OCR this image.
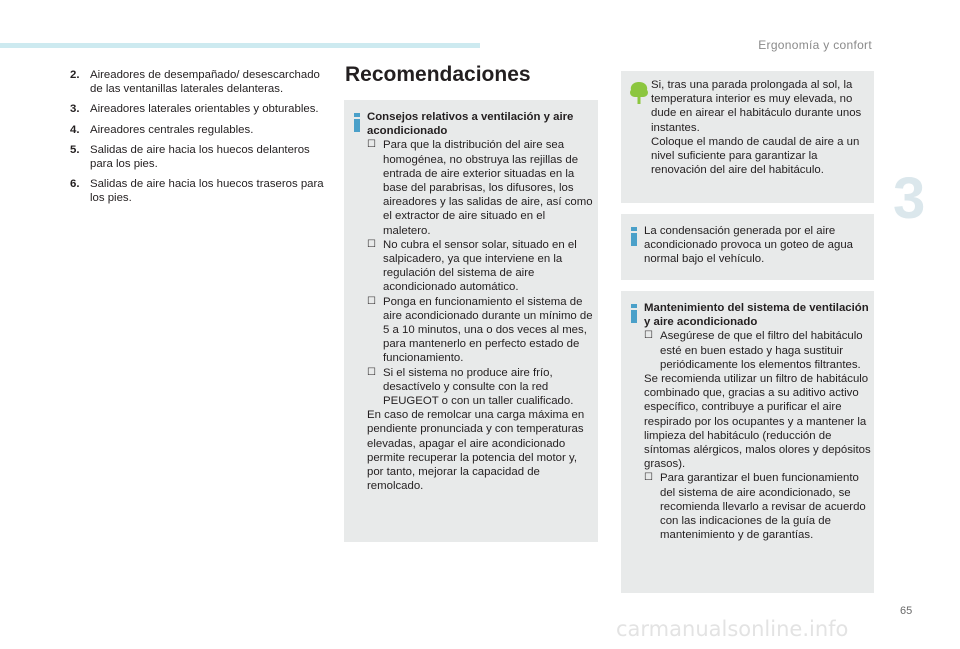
Ergonomía y confort
3
2. Aireadores de desempañado/ desescarchado de las ventanillas laterales delanteras.
3. Aireadores laterales orientables y obturables.
4. Aireadores centrales regulables.
5. Salidas de aire hacia los huecos delanteros para los pies.
6. Salidas de aire hacia los huecos traseros para los pies.
Recomendaciones

Consejos relativos a ventilación y aire acondicionado

☐ Para que la distribución del aire sea homogénea, no obstruya las rejillas de entrada de aire exterior situadas en la base del parabrisas, los difusores, los aireadores y las salidas de aire, así como el extractor de aire situado en el maletero.
☐ No cubra el sensor solar, situado en el salpicadero, ya que interviene en la regulación del sistema de aire acondicionado automático.
☐ Ponga en funcionamiento el sistema de aire acondicionado durante un mínimo de 5 a 10 minutos, una o dos veces al mes, para mantenerlo en perfecto estado de funcionamiento.
☐ Si el sistema no produce aire frío, desactívelo y consulte con la red PEUGEOT o con un taller cualificado.

En caso de remolcar una carga máxima en pendiente pronunciada y con temperaturas elevadas, apagar el aire acondicionado permite recuperar la potencia del motor y, por tanto, mejorar la capacidad de remolcado.

Si, tras una parada prolongada al sol, la temperatura interior es muy elevada, no dude en airear el habitáculo durante unos instantes.

Coloque el mando de caudal de aire a un nivel suficiente para garantizar la renovación del aire del habitáculo.

La condensación generada por el aire acondicionado provoca un goteo de agua normal bajo el vehículo.

Mantenimiento del sistema de ventilación y aire acondicionado

☐ Asegúrese de que el filtro del habitáculo esté en buen estado y haga sustituir periódicamente los elementos filtrantes.

Se recomienda utilizar un filtro de habitáculo combinado que, gracias a su aditivo activo específico, contribuye a purificar el aire respirado por los ocupantes y a mantener la limpieza del habitáculo (reducción de síntomas alérgicos, malos olores y depósitos grasos).

☐ Para garantizar el buen funcionamiento del sistema de aire acondicionado, se recomienda llevarlo a revisar de acuerdo con las indicaciones de la guía de mantenimiento y de garantías.
65
carmanualsonline.info
